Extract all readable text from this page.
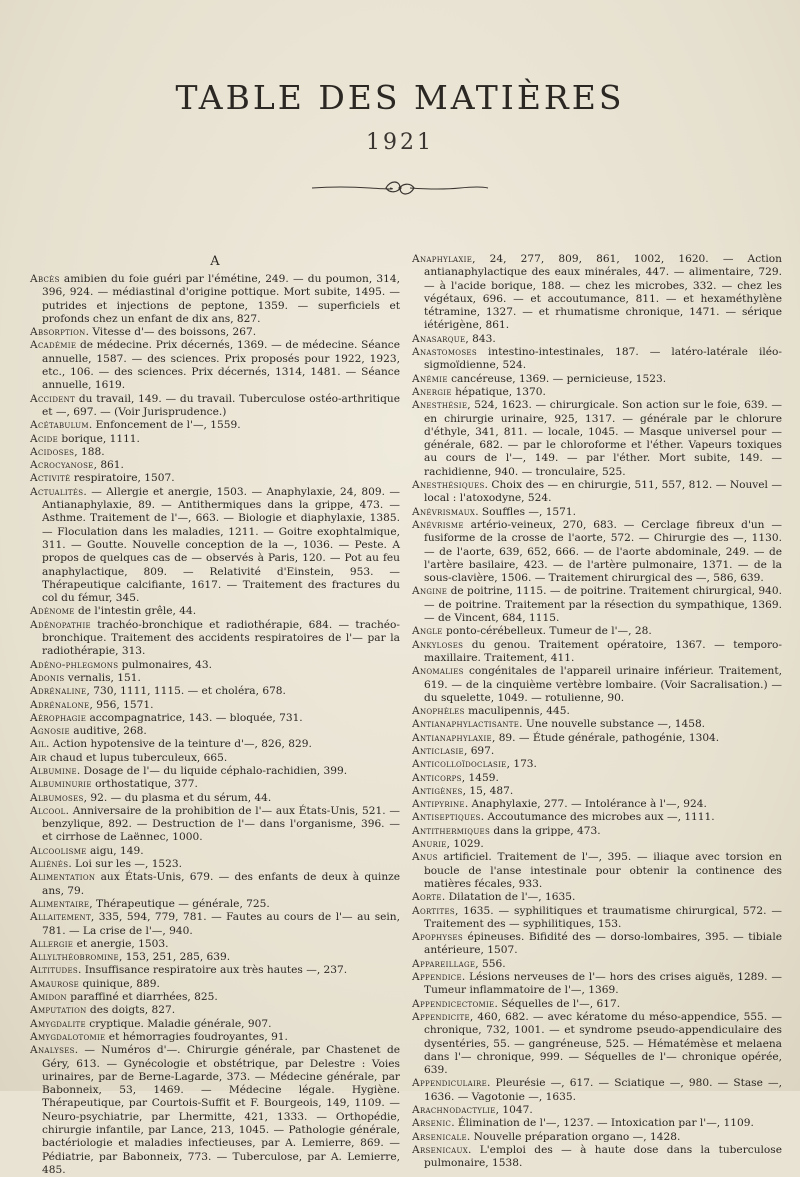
TABLE DES MATIÈRES
1921
A

Abcès amibien du foie guéri par l'émétine, 249. — du poumon, 314, 396, 924. — médiastinal d'origine pottique. Mort subite, 1495. — putrides et injections de peptone, 1359. — superficiels et profonds chez un enfant de dix ans, 827.

Absorption. Vitesse d'— des boissons, 267.

Académie de médecine. Prix décernés, 1369. — de médecine. Séance annuelle, 1587. — des sciences. Prix proposés pour 1922, 1923, etc., 106. — des sciences. Prix décernés, 1314, 1481. — Séance annuelle, 1619.

Accident du travail, 149. — du travail. Tuberculose ostéo-arthritique et —, 697. — (Voir Jurisprudence.)

Acétabulum. Enfoncement de l'—, 1559.

Acide borique, 1111.

Acidoses, 188.

Acrocyanose, 861.

Activité respiratoire, 1507.

Actualités. — Allergie et anergie, 1503. — Anaphylaxie, 24, 809. — Antianaphylaxie, 89. — Antithermiques dans la grippe, 473. — Asthme. Traitement de l'—, 663. — Biologie et diaphylaxie, 1385. — Floculation dans les maladies, 1211. — Goitre exophtalmique, 311. — Goutte. Nouvelle conception de la —, 1036. — Peste. A propos de quelques cas de — observés à Paris, 120. — Pot au feu anaphylactique, 809. — Relativité d'Einstein, 953. — Thérapeutique calcifiante, 1617. — Traitement des fractures du col du fémur, 345.

Adénome de l'intestin grêle, 44.

Adénopathie trachéo-bronchique et radiothérapie, 684. — trachéo-bronchique. Traitement des accidents respiratoires de l'— par la radiothérapie, 313.

Adéno-phlegmons pulmonaires, 43.

Adonis vernalis, 151.

Adrénaline, 730, 1111, 1115. — et choléra, 678.

Adrénalone, 956, 1571.

Aérophagie accompagnatrice, 143. — bloquée, 731.

Agnosie auditive, 268.

Ail. Action hypotensive de la teinture d'—, 826, 829.

Air chaud et lupus tuberculeux, 665.

Albumine. Dosage de l'— du liquide céphalo-rachidien, 399.

Albuminurie orthostatique, 377.

Albumoses, 92. — du plasma et du sérum, 44.

Alcool. Anniversaire de la prohibition de l'— aux États-Unis, 521. — benzylique, 892. — Destruction de l'— dans l'organisme, 396. — et cirrhose de Laënnec, 1000.

Alcoolisme aigu, 149.

Aliénés. Loi sur les —, 1523.

Alimentation aux États-Unis, 679. — des enfants de deux à quinze ans, 79.

Alimentaire, Thérapeutique — générale, 725.

Allaitement, 335, 594, 779, 781. — Fautes au cours de l'— au sein, 781. — La crise de l'—, 940.

Allergie et anergie, 1503.

Allylthéobromine, 153, 251, 285, 639.

Altitudes. Insuffisance respiratoire aux très hautes —, 237.

Amaurose quinique, 889.

Amidon paraffiné et diarrhées, 825.

Amputation des doigts, 827.

Amygdalite cryptique. Maladie générale, 907.

Amygdalotomie et hémorragies foudroyantes, 91.

Analyses. — Numéros d'—. Chirurgie générale, par Chastenet de Géry, 613. — Gynécologie et obstétrique, par Delestre : Voies urinaires, par de Berne-Lagarde, 373. — Médecine générale, par Babonneix, 53, 1469. — Médecine légale. Hygiène. Thérapeutique, par Courtois-Suffit et F. Bourgeois, 149, 1109. — Neuro-psychiatrie, par Lhermitte, 421, 1333. — Orthopédie, chirurgie infantile, par Lance, 213, 1045. — Pathologie générale, bactériologie et maladies infectieuses, par A. Lemierre, 869. — Pédiatrie, par Babonneix, 773. — Tuberculose, par A. Lemierre, 485.

Anaphylaxie, 24, 277, 809, 861, 1002, 1620. — Action antianaphylactique des eaux minérales, 447. — alimentaire, 729. — à l'acide borique, 188. — chez les microbes, 332. — chez les végétaux, 696. — et accoutumance, 811. — et hexaméthylène tétramine, 1327. — et rhumatisme chronique, 1471. — sérique iétérigène, 861.

Anasarque, 843.

Anastomoses intestino-intestinales, 187. — latéro-latérale iléo-sigmoïdienne, 524.

Anémie cancéreuse, 1369. — pernicieuse, 1523.

Anergie hépatique, 1370.

Anesthésie, 524, 1623. — chirurgicale. Son action sur le foie, 639. — en chirurgie urinaire, 925, 1317. — générale par le chlorure d'éthyle, 341, 811. — locale, 1045. — Masque universel pour — générale, 682. — par le chloroforme et l'éther. Vapeurs toxiques au cours de l'—, 149. — par l'éther. Mort subite, 149. — rachidienne, 940. — tronculaire, 525.

Anesthésiques. Choix des — en chirurgie, 511, 557, 812. — Nouvel — local : l'atoxodyne, 524.

Anévrismaux. Souffles —, 1571.

Anévrisme artério-veineux, 270, 683. — Cerclage fibreux d'un — fusiforme de la crosse de l'aorte, 572. — Chirurgie des —, 1130. — de l'aorte, 639, 652, 666. — de l'aorte abdominale, 249. — de l'artère basilaire, 423. — de l'artère pulmonaire, 1371. — de la sous-clavière, 1506. — Traitement chirurgical des —, 586, 639.

Angine de poitrine, 1115. — de poitrine. Traitement chirurgical, 940. — de poitrine. Traitement par la résection du sympathique, 1369. — de Vincent, 684, 1115.

Angle ponto-cérébelleux. Tumeur de l'—, 28.

Ankyloses du genou. Traitement opératoire, 1367. — temporo-maxillaire. Traitement, 411.

Anomalies congénitales de l'appareil urinaire inférieur. Traitement, 619. — de la cinquième vertèbre lombaire. (Voir Sacralisation.) — du squelette, 1049. — rotulienne, 90.

Anophèles maculipennis, 445.

Antianaphylactisante. Une nouvelle substance —, 1458.

Antianaphylaxie, 89. — Étude générale, pathogénie, 1304.

Anticlasie, 697.

Anticolloïdoclasie, 173.

Anticorps, 1459.

Antigènes, 15, 487.

Antipyrine. Anaphylaxie, 277. — Intolérance à l'—, 924.

Antiseptiques. Accoutumance des microbes aux —, 1111.

Antithermiques dans la grippe, 473.

Anurie, 1029.

Anus artificiel. Traitement de l'—, 395. — iliaque avec torsion en boucle de l'anse intestinale pour obtenir la continence des matières fécales, 933.

Aorte. Dilatation de l'—, 1635.

Aortites, 1635. — syphilitiques et traumatisme chirurgical, 572. — Traitement des — syphilitiques, 153.

Apophyses épineuses. Bifidité des — dorso-lombaires, 395. — tibiale antérieure, 1507.

Appareillage, 556.

Appendice. Lésions nerveuses de l'— hors des crises aiguës, 1289. — Tumeur inflammatoire de l'—, 1369.

Appendicectomie. Séquelles de l'—, 617.

Appendicite, 460, 682. — avec kératome du méso-appendice, 555. — chronique, 732, 1001. — et syndrome pseudo-appendiculaire des dysentéries, 55. — gangréneuse, 525. — Hématémèse et melaena dans l'— chronique, 999. — Séquelles de l'— chronique opérée, 639.

Appendiculaire. Pleurésie —, 617. — Sciatique —, 980. — Stase —, 1636. — Vagotonie —, 1635.

Arachnodactylie, 1047.

Arsenic. Élimination de l'—, 1237. — Intoxication par l'—, 1109.

Arsenicale. Nouvelle préparation organo —, 1428.

Arsenicaux. L'emploi des — à haute dose dans la tuberculose pulmonaire, 1538.
